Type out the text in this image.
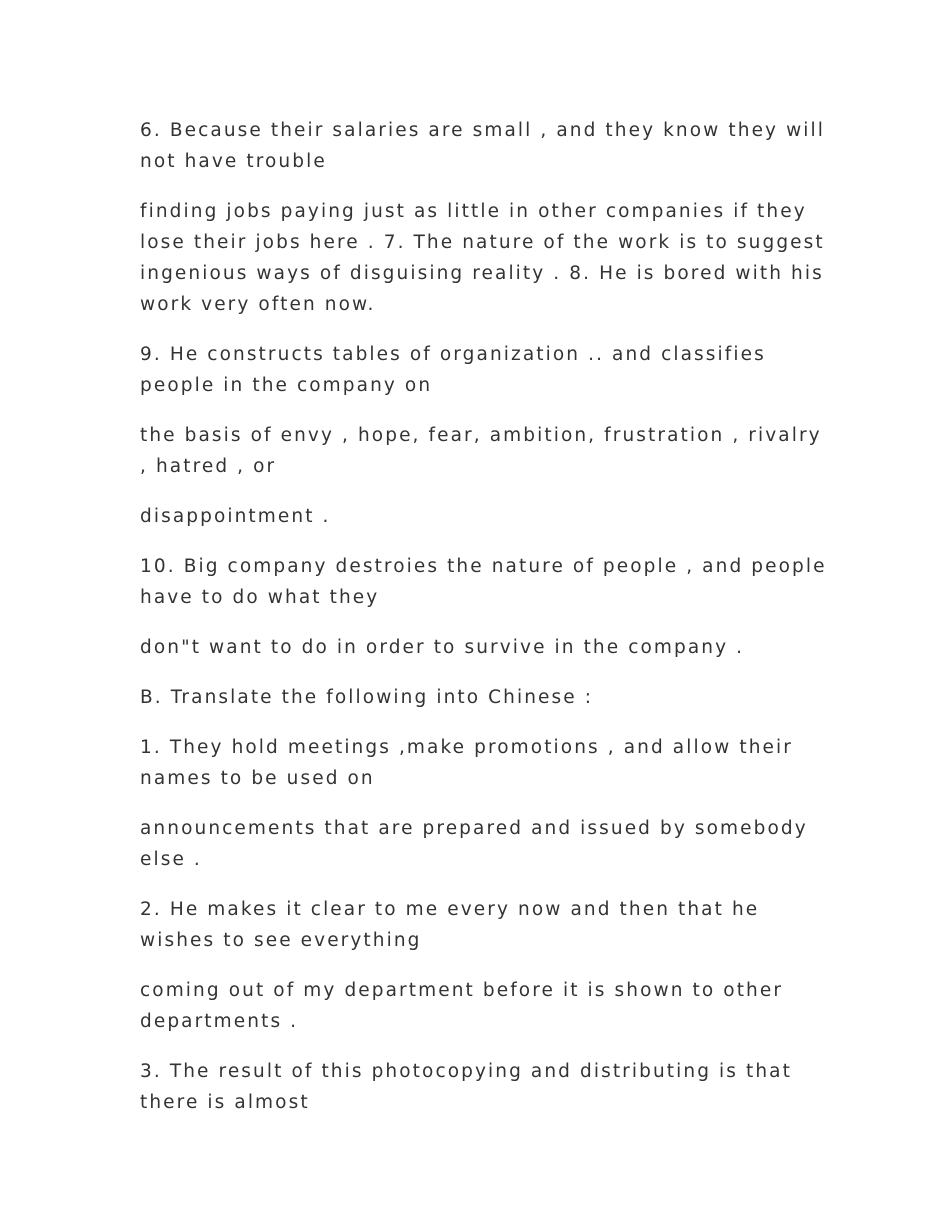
6. Because their salaries are small , and they know they will not have trouble

finding jobs paying just as little in other companies if they lose their jobs here . 7. The nature of the work is to suggest ingenious ways of disguising reality . 8. He is bored with his work very often now.

9. He constructs tables of organization .. and classifies people in the company on

the basis of envy , hope, fear, ambition, frustration , rivalry , hatred , or

disappointment .

10. Big company destroies the nature of people , and people have to do what they

don"t want to do in order to survive in the company .

B. Translate the following into Chinese :

1. They hold meetings ,make promotions , and allow their names to be used on

announcements that are prepared and issued by somebody else .

2. He makes it clear to me every now and then that he wishes to see everything

coming out of my department before it is shown to other departments .

3. The result of this photocopying and distributing is that there is almost
